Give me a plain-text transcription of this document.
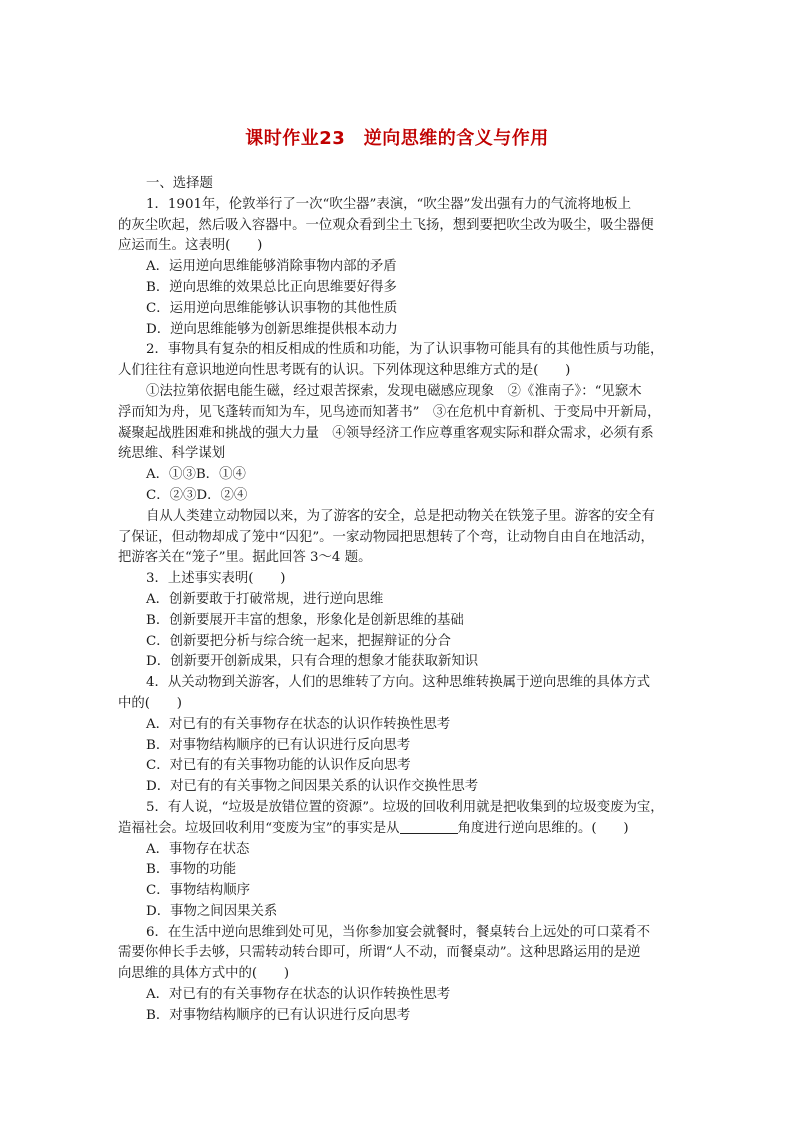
课时作业23　逆向思维的含义与作用
一、选择题
1．1901年，伦敦举行了一次“吹尘器”表演，“吹尘器”发出强有力的气流将地板上
的灰尘吹起，然后吸入容器中。一位观众看到尘土飞扬，想到要把吹尘改为吸尘，吸尘器便
应运而生。这表明(　　)
A．运用逆向思维能够消除事物内部的矛盾
B．逆向思维的效果总比正向思维要好得多
C．运用逆向思维能够认识事物的其他性质
D．逆向思维能够为创新思维提供根本动力
2．事物具有复杂的相反相成的性质和功能，为了认识事物可能具有的其他性质与功能，
人们往往有意识地逆向性思考既有的认识。下列体现这种思维方式的是(　　)
①法拉第依据电能生磁，经过艰苦探索，发现电磁感应现象　②《淮南子》：“见窾木
浮而知为舟，见飞蓬转而知为车，见鸟迹而知著书”　③在危机中育新机、于变局中开新局，
凝聚起战胜困难和挑战的强大力量　④领导经济工作应尊重客观实际和群众需求，必须有系
统思维、科学谋划
A．①③B．①④
C．②③D．②④
自从人类建立动物园以来，为了游客的安全，总是把动物关在铁笼子里。游客的安全有
了保证，但动物却成了笼中“囚犯”。一家动物园把思想转了个弯，让动物自由自在地活动，
把游客关在“笼子”里。据此回答 3～4 题。
3．上述事实表明(　　)
A．创新要敢于打破常规，进行逆向思维
B．创新要展开丰富的想象，形象化是创新思维的基础
C．创新要把分析与综合统一起来，把握辩证的分合
D．创新要开创新成果，只有合理的想象才能获取新知识
4．从关动物到关游客，人们的思维转了方向。这种思维转换属于逆向思维的具体方式
中的(　　)
A．对已有的有关事物存在状态的认识作转换性思考
B．对事物结构顺序的已有认识进行反向思考
C．对已有的有关事物功能的认识作反向思考
D．对已有的有关事物之间因果关系的认识作交换性思考
5．有人说，“垃圾是放错位置的资源”。垃圾的回收利用就是把收集到的垃圾变废为宝，
造福社会。垃圾回收利用“变废为宝”的事实是从	角度进行逆向思维的。(　　)
A．事物存在状态
B．事物的功能
C．事物结构顺序
D．事物之间因果关系
6．在生活中逆向思维到处可见，当你参加宴会就餐时，餐桌转台上远处的可口菜肴不
需要你伸长手去够，只需转动转台即可，所谓“人不动，而餐桌动”。这种思路运用的是逆
向思维的具体方式中的(　　)
A．对已有的有关事物存在状态的认识作转换性思考
B．对事物结构顺序的已有认识进行反向思考
